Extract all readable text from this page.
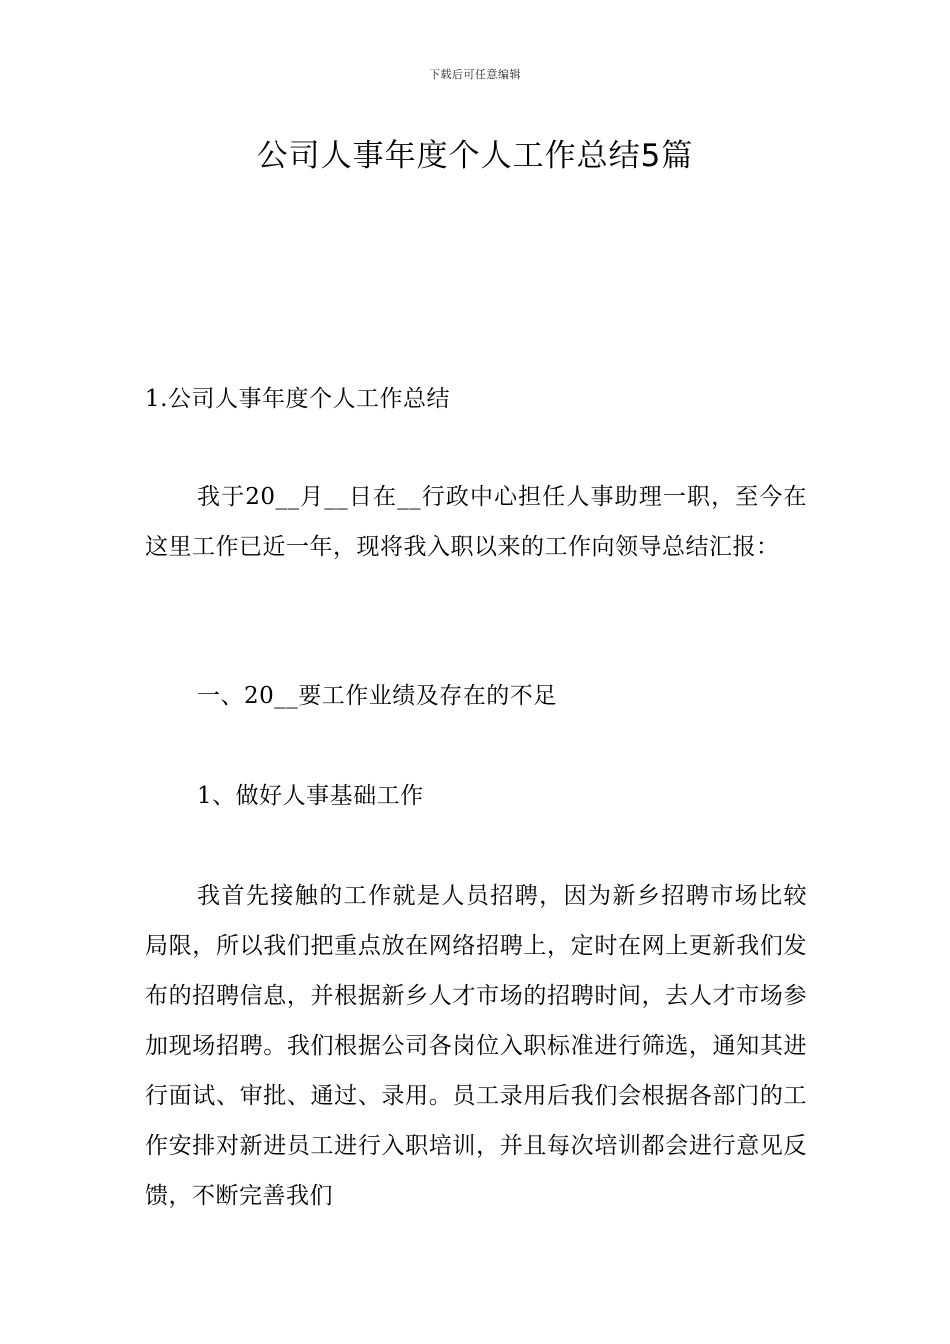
下载后可任意编辑
公司人事年度个人工作总结5篇
1.公司人事年度个人工作总结
我于20__月__日在__行政中心担任人事助理一职，至今在这里工作已近一年，现将我入职以来的工作向领导总结汇报：
一、20__要工作业绩及存在的不足
1、做好人事基础工作
我首先接触的工作就是人员招聘，因为新乡招聘市场比较局限，所以我们把重点放在网络招聘上，定时在网上更新我们发布的招聘信息，并根据新乡人才市场的招聘时间，去人才市场参加现场招聘。我们根据公司各岗位入职标准进行筛选，通知其进行面试、审批、通过、录用。员工录用后我们会根据各部门的工作安排对新进员工进行入职培训，并且每次培训都会进行意见反馈，不断完善我们
